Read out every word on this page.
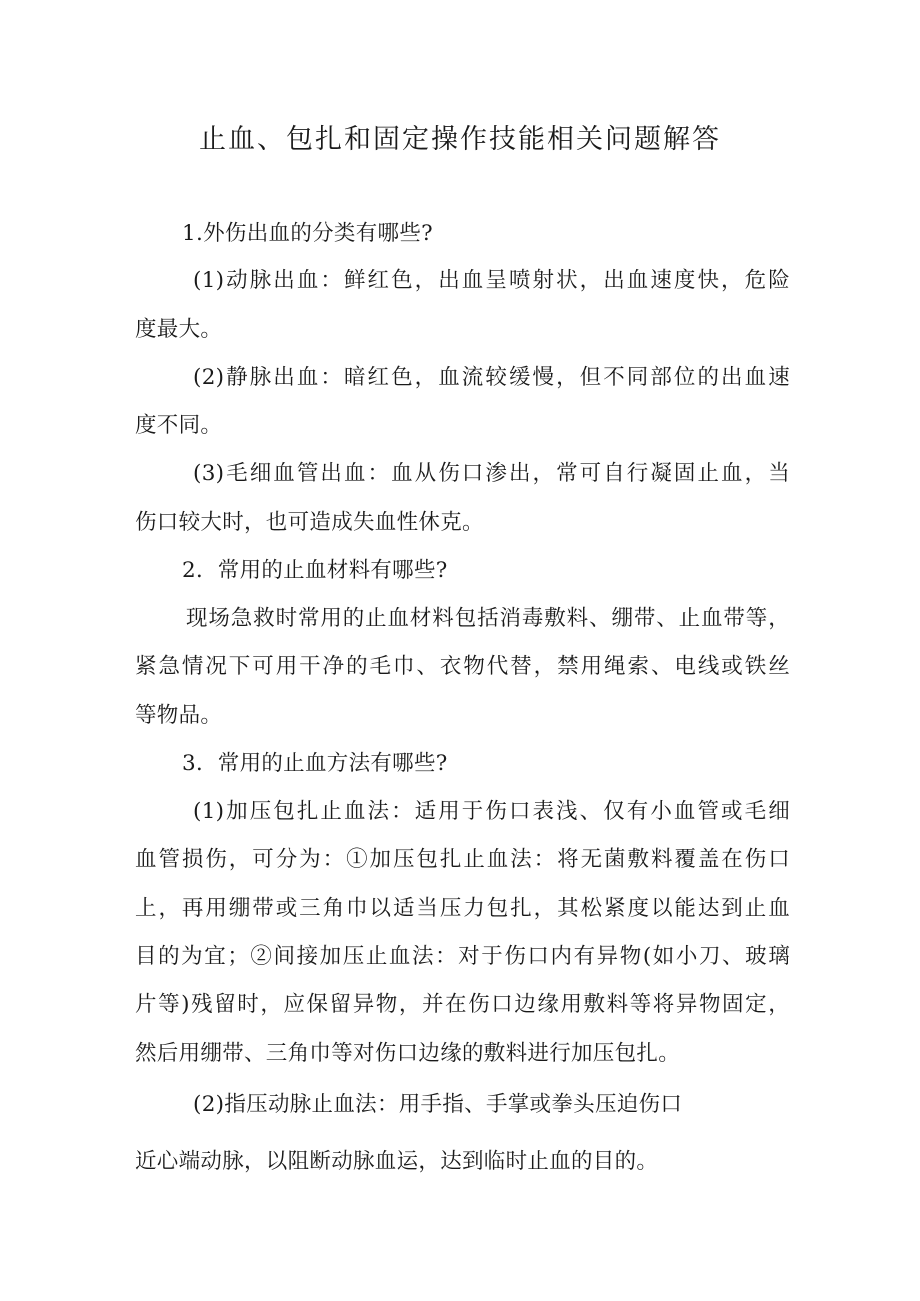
止血、包扎和固定操作技能相关问题解答
1.外伤出血的分类有哪些?
(1)动脉出血：鲜红色，出血呈喷射状，出血速度快，危险
度最大。
(2)静脉出血：暗红色，血流较缓慢，但不同部位的出血速
度不同。
(3)毛细血管出血：血从伤口渗出，常可自行凝固止血，当
伤口较大时，也可造成失血性休克。
2．常用的止血材料有哪些?
现场急救时常用的止血材料包括消毒敷料、绷带、止血带等，
紧急情况下可用干净的毛巾、衣物代替，禁用绳索、电线或铁丝
等物品。
3．常用的止血方法有哪些?
(1)加压包扎止血法：适用于伤口表浅、仅有小血管或毛细
血管损伤，可分为：①加压包扎止血法：将无菌敷料覆盖在伤口
上，再用绷带或三角巾以适当压力包扎，其松紧度以能达到止血
目的为宜；②间接加压止血法：对于伤口内有异物(如小刀、玻璃
片等)残留时，应保留异物，并在伤口边缘用敷料等将异物固定，
然后用绷带、三角巾等对伤口边缘的敷料进行加压包扎。
(2)指压动脉止血法：用手指、手掌或拳头压迫伤口
近心端动脉，以阻断动脉血运，达到临时止血的目的。
